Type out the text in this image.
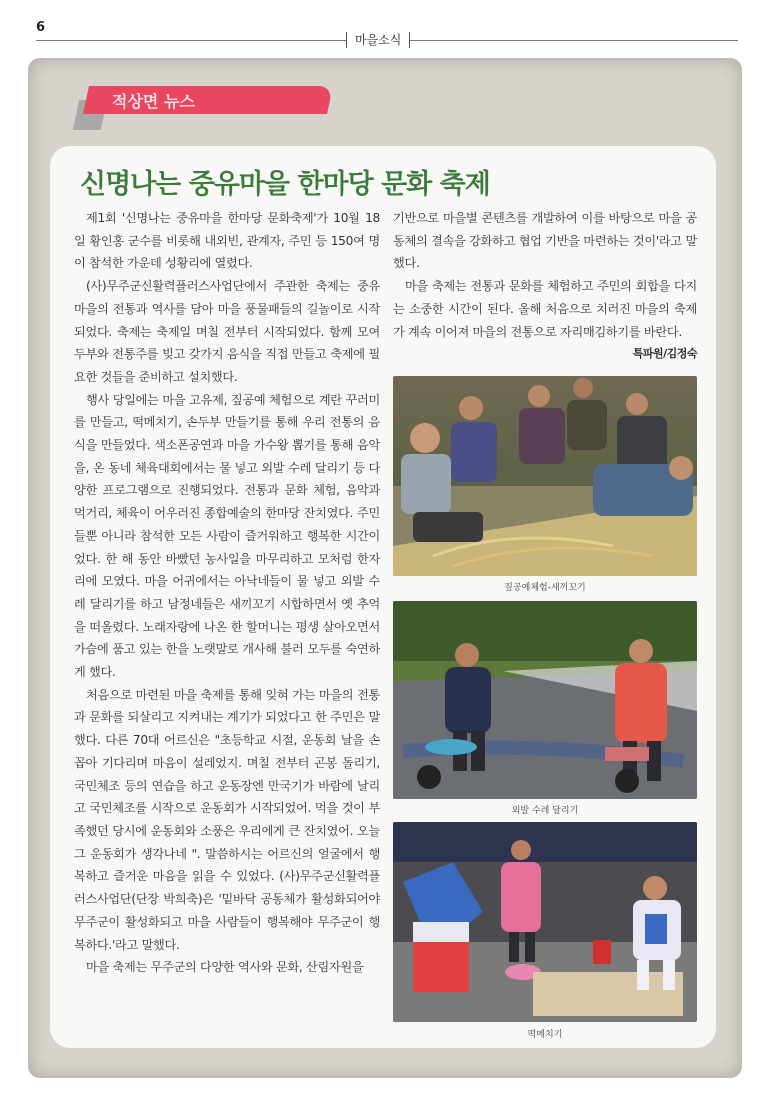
6
마을소식
적상면 뉴스
신명나는 중유마을 한마당 문화 축제

제1회 '신명나는 중유마을 한마당 문화축제'가 10월 18일 황인홍 군수를 비롯해 내외빈, 관계자, 주민 등 150여 명이 참석한 가운데 성황리에 열렸다.

(사)무주군신활력플러스사업단에서 주관한 축제는 중유마을의 전통과 역사를 담아 마을 풍물패들의 길놀이로 시작되었다. 축제는 축제일 며칠 전부터 시작되었다. 함께 모여 두부와 전통주를 빚고 갖가지 음식을 직접 만들고 축제에 필요한 것들을 준비하고 설치했다.

행사 당일에는 마을 고유제, 짚공예 체험으로 계란 꾸러미를 만들고, 떡메치기, 손두부 만들기를 통해 우리 전통의 음식을 만들었다. 색소폰공연과 마을 가수왕 뽑기를 통해 음악을, 온 동네 체육대회에서는 물 넣고 외발 수레 달리기 등 다양한 프로그램으로 진행되었다. 전통과 문화 체험, 음악과 먹거리, 체육이 어우러진 종합예술의 한마당 잔치였다. 주민들뿐 아니라 참석한 모든 사람이 즐거워하고 행복한 시간이었다. 한 해 동안 바빴던 농사일을 마무리하고 모처럼 한자리에 모였다. 마을 어귀에서는 아낙네들이 물 넣고 외발 수레 달리기를 하고 남정네들은 새끼꼬기 시합하면서 옛 추억을 떠올렸다. 노래자랑에 나온 한 할머니는 평생 살아오면서 가슴에 품고 있는 한을 노랫말로 개사해 불러 모두를 숙연하게 했다.

처음으로 마련된 마을 축제를 통해 잊혀 가는 마을의 전통과 문화를 되살리고 지켜내는 계기가 되었다고 한 주민은 말했다. 다른 70대 어르신은 "초등학교 시절, 운동회 날을 손꼽아 기다리며 마음이 설레었지. 며칠 전부터 곤봉 돌리기, 국민체조 등의 연습을 하고 운동장엔 만국기가 바람에 날리고 국민체조를 시작으로 운동회가 시작되었어. 먹을 것이 부족했던 당시에 운동회와 소풍은 우리에게 큰 잔치였어. 오늘 그 운동회가 생각나네 ". 말씀하시는 어르신의 얼굴에서 행복하고 즐거운 마음을 읽을 수 있었다. (사)무주군신활력플러스사업단(단장 박희축)은 '밑바닥 공동체가 활성화되어야 무주군이 활성화되고 마을 사람들이 행복해야 무주군이 행복하다.'라고 말했다.

마을 축제는 무주군의 다양한 역사와 문화, 산림자원을

기반으로 마을별 콘텐츠를 개발하여 이를 바탕으로 마을 공동체의 결속을 강화하고 협업 기반을 마련하는 것이'라고 말했다.

마을 축제는 전통과 문화를 체험하고 주민의 회합을 다지는 소중한 시간이 된다. 올해 처음으로 치러진 마을의 축제가 계속 이어져 마을의 전통으로 자리매김하기를 바란다.
특파원/김정숙

짚공예체험-새끼꼬기
외발 수레 달리기
떡메치기
